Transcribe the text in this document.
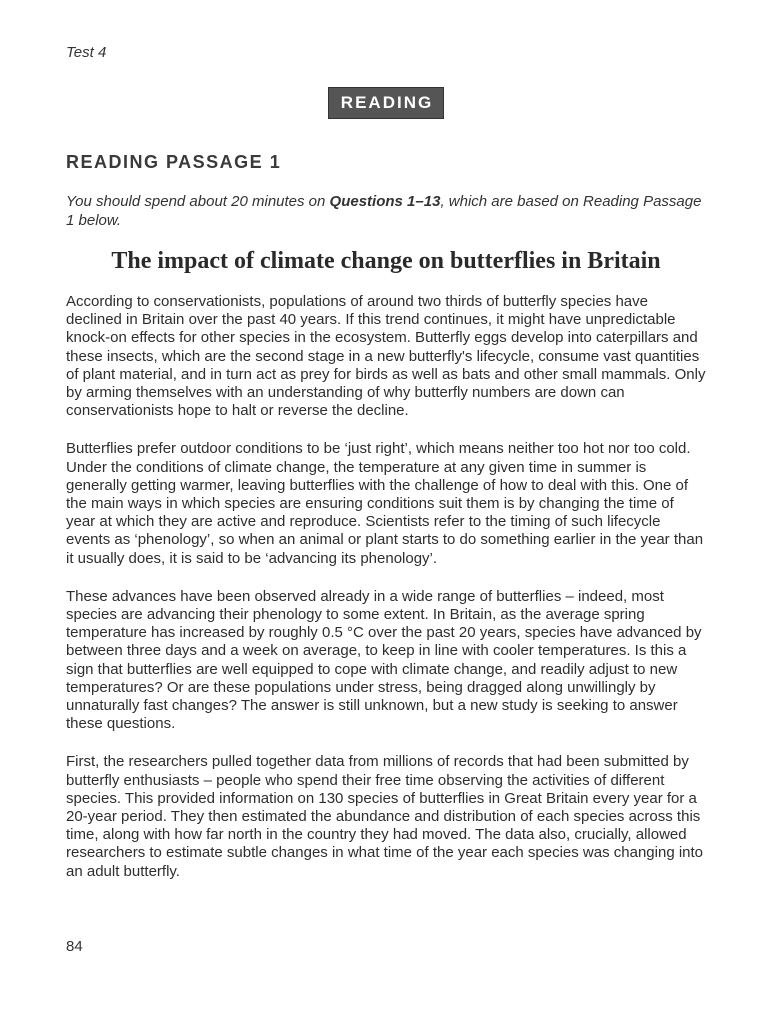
Test 4
READING
READING PASSAGE 1
You should spend about 20 minutes on Questions 1–13, which are based on Reading Passage 1 below.
The impact of climate change on butterflies in Britain

According to conservationists, populations of around two thirds of butterfly species have declined in Britain over the past 40 years. If this trend continues, it might have unpredictable knock-on effects for other species in the ecosystem. Butterfly eggs develop into caterpillars and these insects, which are the second stage in a new butterfly's lifecycle, consume vast quantities of plant material, and in turn act as prey for birds as well as bats and other small mammals. Only by arming themselves with an understanding of why butterfly numbers are down can conservationists hope to halt or reverse the decline.

Butterflies prefer outdoor conditions to be ‘just right’, which means neither too hot nor too cold. Under the conditions of climate change, the temperature at any given time in summer is generally getting warmer, leaving butterflies with the challenge of how to deal with this. One of the main ways in which species are ensuring conditions suit them is by changing the time of year at which they are active and reproduce. Scientists refer to the timing of such lifecycle events as ‘phenology’, so when an animal or plant starts to do something earlier in the year than it usually does, it is said to be ‘advancing its phenology’.

These advances have been observed already in a wide range of butterflies – indeed, most species are advancing their phenology to some extent. In Britain, as the average spring temperature has increased by roughly 0.5 °C over the past 20 years, species have advanced by between three days and a week on average, to keep in line with cooler temperatures. Is this a sign that butterflies are well equipped to cope with climate change, and readily adjust to new temperatures? Or are these populations under stress, being dragged along unwillingly by unnaturally fast changes? The answer is still unknown, but a new study is seeking to answer these questions.

First, the researchers pulled together data from millions of records that had been submitted by butterfly enthusiasts – people who spend their free time observing the activities of different species. This provided information on 130 species of butterflies in Great Britain every year for a 20-year period. They then estimated the abundance and distribution of each species across this time, along with how far north in the country they had moved. The data also, crucially, allowed researchers to estimate subtle changes in what time of the year each species was changing into an adult butterfly.

84
